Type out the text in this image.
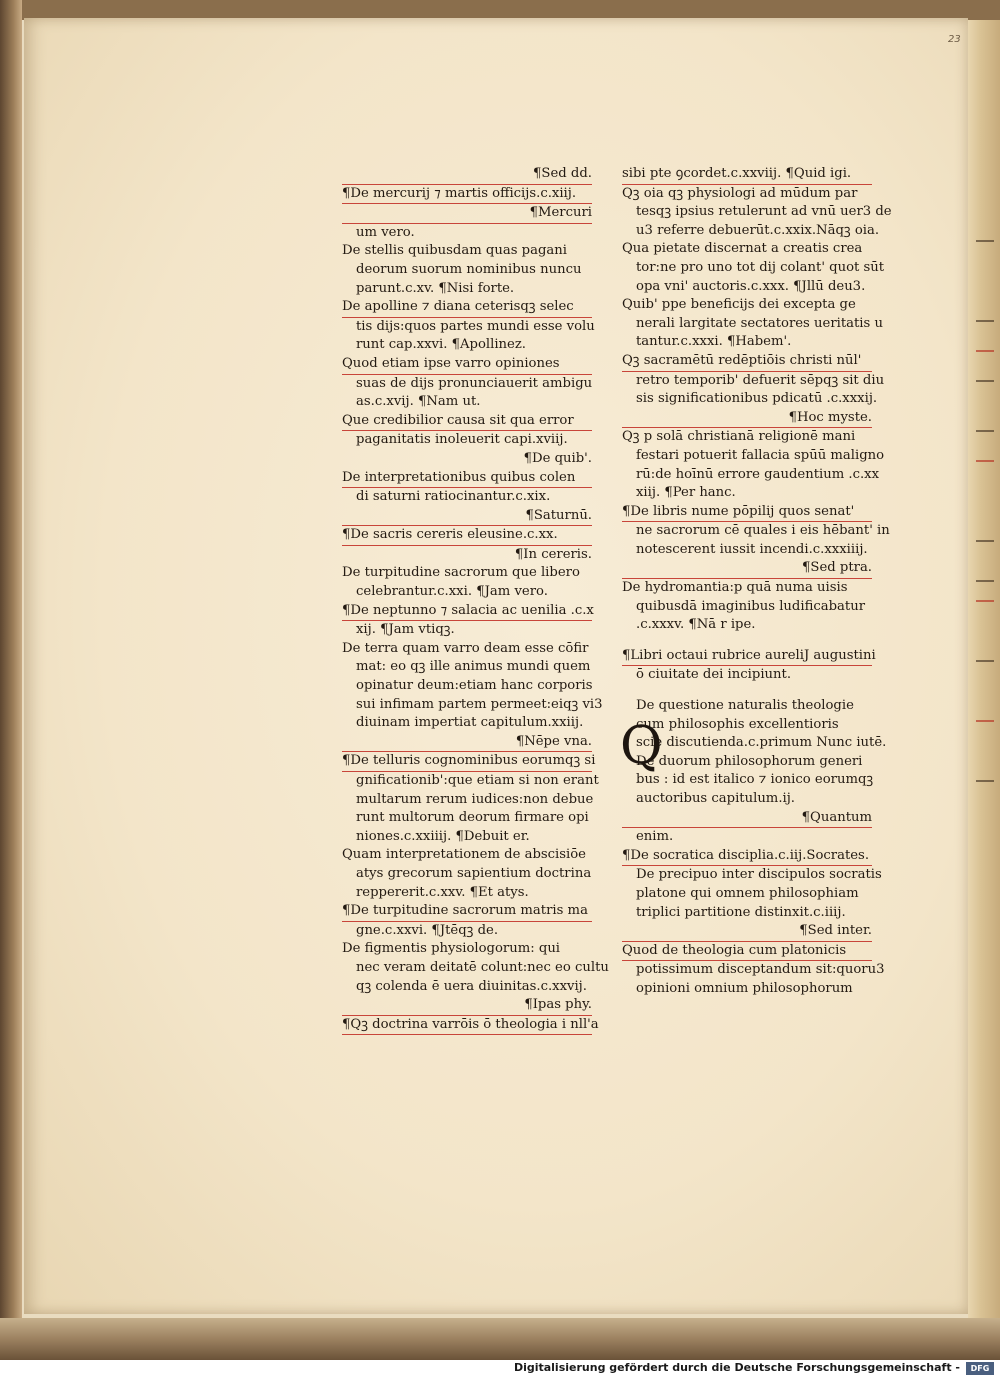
23
¶Sed dd.
¶De mercurij ⁊ martis officijs.c.xiij.
¶Mercuri
um vero.
De stellis quibusdam quas pagani
deorum suorum nominibus nuncu
parunt.c.xv. ¶Nisi forte.
De apolline ⁊ diana ceterisqꝫ selec
tis dijs:quos partes mundi esse volu
runt cap.xxvi. ¶Apollinez.
Quod etiam ipse varro opiniones
suas de dijs pronunciauerit ambigu
as.c.xvij. ¶Nam ut.
Que credibilior causa sit qua error
paganitatis inoleuerit capi.xviij.
¶De quib'.
De interpretationibus quibus colen
di saturni ratiocinantur.c.xix.
¶Saturnū.
¶De sacris cereris eleusine.c.xx.
¶In cereris.
De turpitudine sacrorum que libero
celebrantur.c.xxi. ¶Jam vero.
¶De neptunno ⁊ salacia ac uenilia .c.x
xij. ¶Jam vtiqꝫ.
De terra quam varro deam esse cōfir
mat: eo qꝫ ille animus mundi quem
opinatur deum:etiam hanc corporis
sui infimam partem permeet:eiqꝫ vi3
diuinam impertiat capitulum.xxiij.
¶Nēpe vna.
¶De telluris cognominibus eorumqꝫ si
gnificationib':que etiam si non erant
multarum rerum iudices:non debue
runt multorum deorum firmare opi
niones.c.xxiiij. ¶Debuit er.
Quam interpretationem de abscisiōe
atys grecorum sapientium doctrina
reppererit.c.xxv. ¶Et atys.
¶De turpitudine sacrorum matris ma
gne.c.xxvi. ¶Jtēqꝫ de.
De figmentis physiologorum: qui
nec veram deitatē colunt:nec eo cultu
qꝫ colenda ē uera diuinitas.c.xxvij.
¶Ipas phy.
¶Qꝫ doctrina varrōis ō theologia i nll'a
sibi pte ꝯcordet.c.xxviij. ¶Quid igi.
Qꝫ oia qꝫ physiologi ad mūdum par
tesqꝫ ipsius retulerunt ad vnū uer3 de
u3 referre debuerūt.c.xxix.Nāqꝫ oia.
Qua pietate discernat a creatis crea
tor:ne pro uno tot dij colant' quot sūt
opa vni' auctoris.c.xxx. ¶Jllū deu3.
Quib' ppe beneficijs dei excepta ge
nerali largitate sectatores ueritatis u
tantur.c.xxxi. ¶Habem'.
Qꝫ sacramētū redēptiōis christi nūl'
retro temporib' defuerit sēpqꝫ sit diu
sis significationibus pdicatū .c.xxxij.
¶Hoc myste.
Qꝫ p solā christianā religionē mani
festari potuerit fallacia spūū maligno
rū:de hoīnū errore gaudentium .c.xx
xiij. ¶Per hanc.
¶De libris nume pōpilij quos senat'
ne sacrorum cē quales i eis hēbant' in
notescerent iussit incendi.c.xxxiiij.
¶Sed ptra.
De hydromantia:p quā numa uisis
quibusdā imaginibus ludificabatur
.c.xxxv. ¶Nā r ipe.
¶Libri octaui rubrice aureliJ augustini
ō ciuitate dei incipiunt.
De questione naturalis theologie
cum philosophis excellentioris
scie discutienda.c.primum Nunc iutē.
De duorum philosophorum generi
bus : id est italico ⁊ ionico eorumqꝫ
auctoribus capitulum.ij.
¶Quantum
enim.
¶De socratica disciplia.c.iij.Socrates.
De precipuo inter discipulos socratis
platone qui omnem philosophiam
triplici partitione distinxit.c.iiij.
¶Sed inter.
Quod de theologia cum platonicis
potissimum disceptandum sit:quoru3
opinioni omnium philosophorum
Q
Digitalisierung gefördert durch die Deutsche Forschungsgemeinschaft -	DFG
